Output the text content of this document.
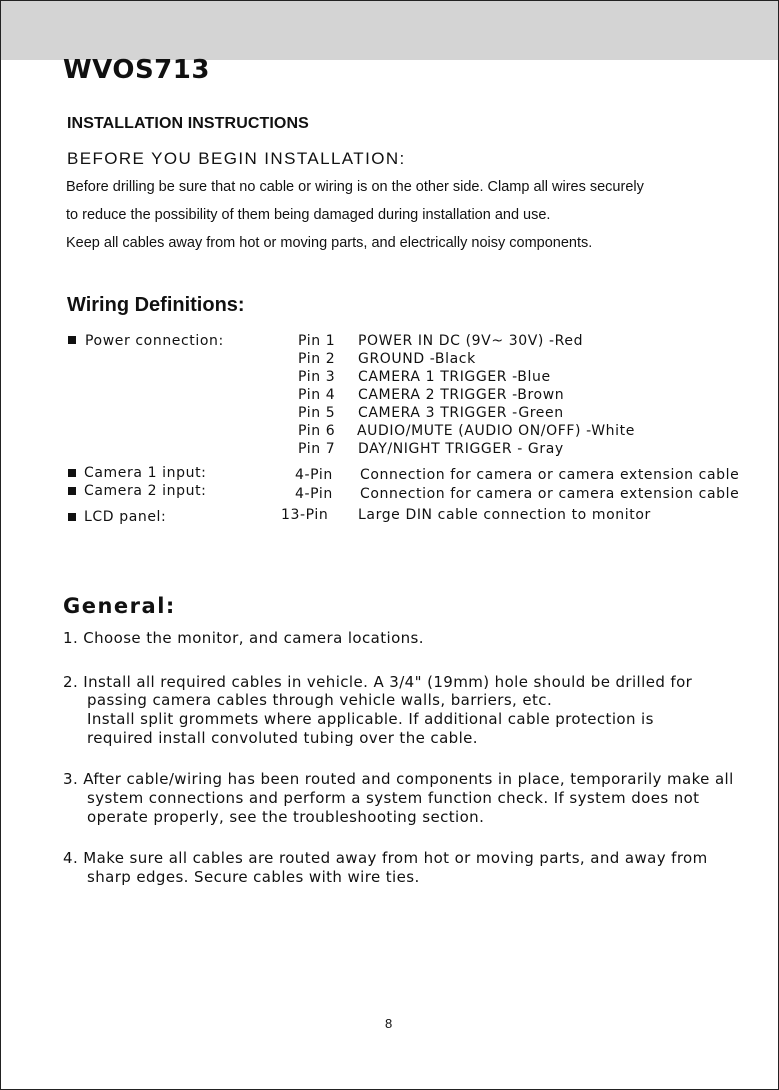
WVOS713
INSTALLATION INSTRUCTIONS
BEFORE YOU BEGIN INSTALLATION:
Before drilling be sure that no cable or wiring is on the other side. Clamp all wires securely
to reduce the possibility of them being damaged during installation and use.
Keep all cables away from hot or moving parts, and electrically noisy components.
Wiring Definitions:
Power connection:	Pin 1 POWER IN DC (9V~ 30V) -Red
Pin 2 GROUND -Black
Pin 3 CAMERA 1 TRIGGER -Blue
Pin 4 CAMERA 2 TRIGGER -Brown
Pin 5 CAMERA 3 TRIGGER -Green
Pin 6 AUDIO/MUTE (AUDIO ON/OFF) -White
Pin 7 DAY/NIGHT TRIGGER - Gray
Camera 1 input:	4-Pin Connection for camera or camera extension cable
Camera 2 input:	4-Pin Connection for camera or camera extension cable
LCD panel:	13-Pin Large DIN cable connection to monitor
General:
1. Choose the monitor, and camera locations.
2. Install all required cables in vehicle. A 3/4" (19mm) hole should be drilled for
passing camera cables through vehicle walls, barriers, etc.
Install split grommets where applicable. If additional cable protection is
required install convoluted tubing over the cable.
3. After cable/wiring has been routed and components in place, temporarily make all
system connections and perform a system function check. If system does not
operate properly, see the troubleshooting section.
4. Make sure all cables are routed away from hot or moving parts, and away from
sharp edges. Secure cables with wire ties.
8
